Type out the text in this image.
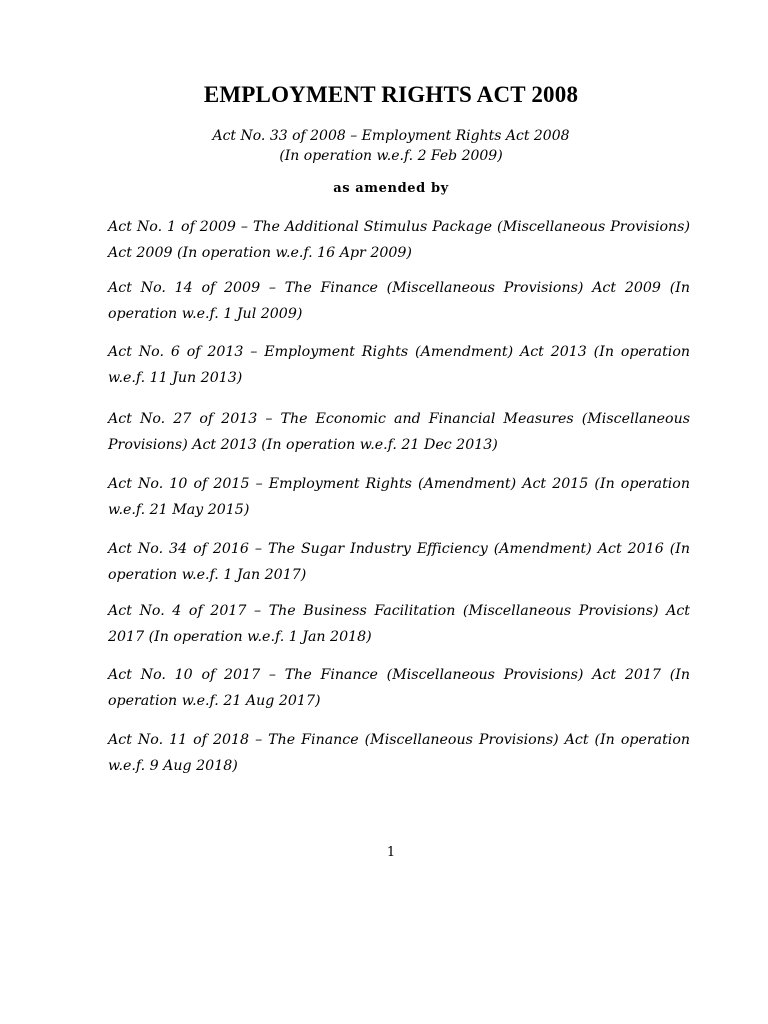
EMPLOYMENT RIGHTS ACT 2008

Act No. 33 of 2008 – Employment Rights Act 2008

(In operation w.e.f. 2 Feb 2009)

as amended by

Act No. 1 of 2009 – The Additional Stimulus Package (Miscellaneous Provisions) Act 2009 (In operation w.e.f. 16 Apr 2009)
Act No. 14 of 2009 – The Finance (Miscellaneous Provisions) Act 2009 (In operation w.e.f. 1 Jul 2009)
Act No. 6 of 2013 – Employment Rights (Amendment) Act 2013 (In operation w.e.f. 11 Jun 2013)
Act No. 27 of 2013 – The Economic and Financial Measures (Miscellaneous Provisions) Act 2013 (In operation w.e.f. 21 Dec 2013)
Act No. 10 of 2015 – Employment Rights (Amendment) Act 2015 (In operation w.e.f. 21 May 2015)
Act No. 34 of 2016 – The Sugar Industry Efficiency (Amendment) Act 2016 (In operation w.e.f. 1 Jan 2017)
Act No. 4 of 2017 – The Business Facilitation (Miscellaneous Provisions) Act 2017 (In operation w.e.f. 1 Jan 2018)
Act No. 10 of 2017 – The Finance (Miscellaneous Provisions) Act 2017 (In operation w.e.f. 21 Aug 2017)
Act No. 11 of 2018 – The Finance (Miscellaneous Provisions) Act (In operation w.e.f. 9 Aug 2018)

1
